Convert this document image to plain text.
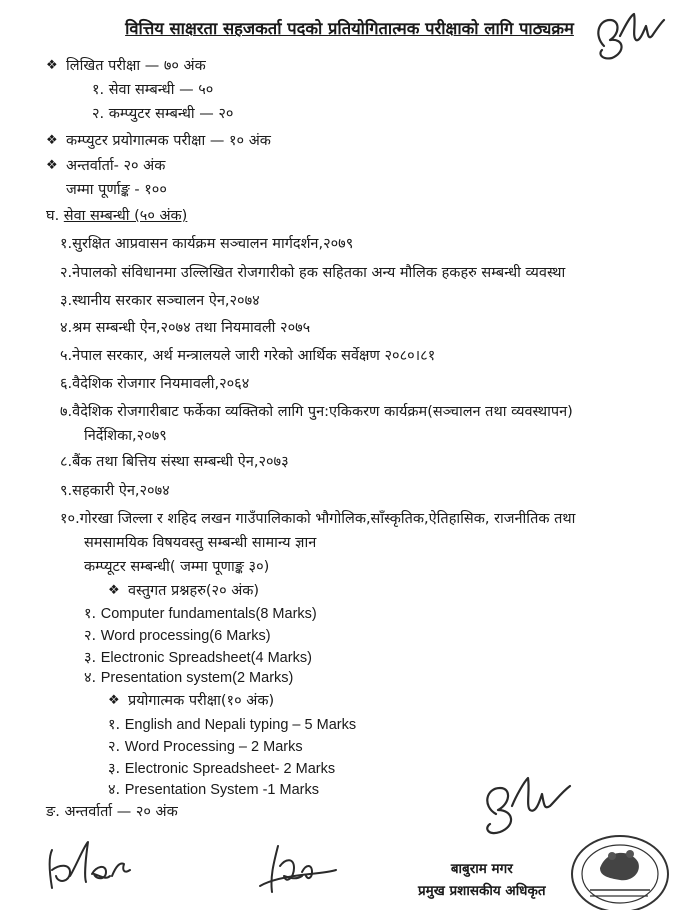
वित्तिय साक्षरता सहजकर्ता पदको प्रतियोगितात्मक परीक्षाको लागि पाठ्यक्रम
❖ लिखित परीक्षा — ७० अंक
१. सेवा सम्बन्धी — ५०
२. कम्प्युटर सम्बन्धी — २०
❖ कम्प्युटर प्रयोगात्मक परीक्षा — १० अंक
❖ अन्तर्वार्ता- २० अंक
जम्मा पूर्णाङ्क - १००
घ. सेवा सम्बन्धी (५० अंक)
१.सुरक्षित आप्रवासन कार्यक्रम सञ्चालन मार्गदर्शन,२०७९
२.नेपालको संविधानमा उल्लिखित रोजगारीको हक सहितका अन्य मौलिक हकहरु सम्बन्धी व्यवस्था
३.स्थानीय सरकार सञ्चालन ऐन,२०७४
४.श्रम सम्बन्धी ऐन,२०७४ तथा नियमावली २०७५
५.नेपाल सरकार, अर्थ मन्त्रालयले जारी गरेको आर्थिक सर्वेक्षण २०८०।८१
६.वैदेशिक रोजगार नियमावली,२०६४
७.वैदेशिक रोजगारीबाट फर्केका व्यक्तिको लागि पुन:एकिकरण कार्यक्रम(सञ्चालन तथा व्यवस्थापन)
निर्देशिका,२०७९
८.बैंक तथा बित्तिय संस्था सम्बन्धी ऐन,२०७३
९.सहकारी ऐन,२०७४
१०.गोरखा जिल्ला र शहिद लखन गाउँपालिकाको भौगोलिक,साँस्कृतिक,ऐतिहासिक, राजनीतिक तथा
समसामयिक विषयवस्तु सम्बन्धी सामान्य ज्ञान
कम्प्यूटर सम्बन्धी( जम्मा पूणाङ्क ३०)
❖ वस्तुगत प्रश्नहरु(२० अंक)
१. Computer fundamentals(8 Marks)
२. Word processing(6 Marks)
३. Electronic Spreadsheet(4 Marks)
४. Presentation system(2 Marks)
❖ प्रयोगात्मक परीक्षा(१० अंक)
१. English and Nepali typing – 5 Marks
२. Word Processing – 2 Marks
३. Electronic Spreadsheet- 2 Marks
४. Presentation System -1 Marks
ङ. अन्तर्वार्ता — २० अंक
बाबुराम मगर
प्रमुख प्रशासकीय अधिकृत
